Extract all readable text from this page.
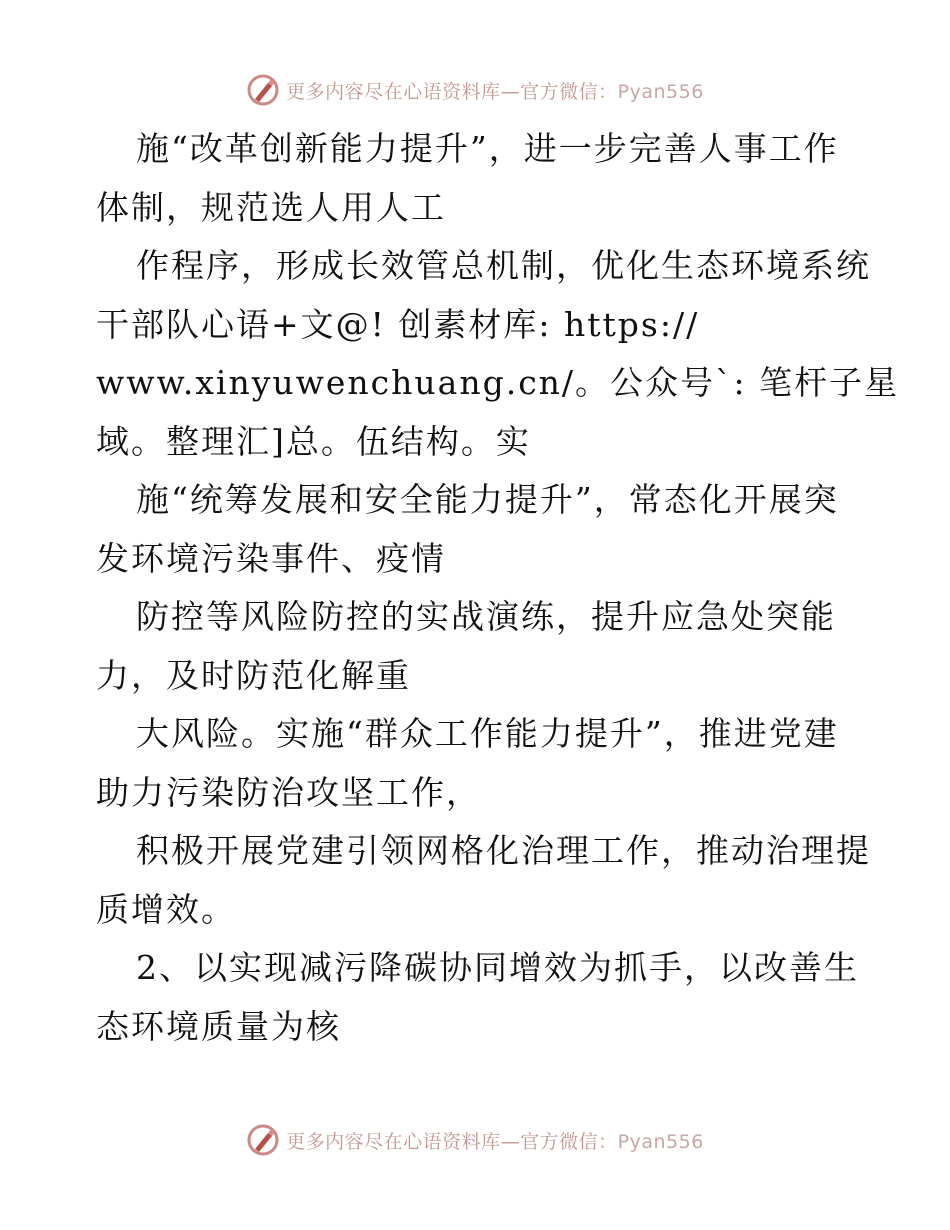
更多内容尽在心语资料库—官方微信：Pyan556
施“改革创新能力提升”，进一步完善人事工作
体制，规范选人用人工
作程序，形成长效管总机制，优化生态环境系统
干部队心语+文@! 创素材库: https://
www.xinyuwenchuang.cn/。公众号`: 笔杆子星
域。整理汇]总。伍结构。实
施“统筹发展和安全能力提升”，常态化开展突
发环境污染事件、疫情
防控等风险防控的实战演练，提升应急处突能
力，及时防范化解重
大风险。实施“群众工作能力提升”，推进党建
助力污染防治攻坚工作，
积极开展党建引领网格化治理工作，推动治理提
质增效。
2、以实现减污降碳协同增效为抓手，以改善生
态环境质量为核
更多内容尽在心语资料库—官方微信：Pyan556
